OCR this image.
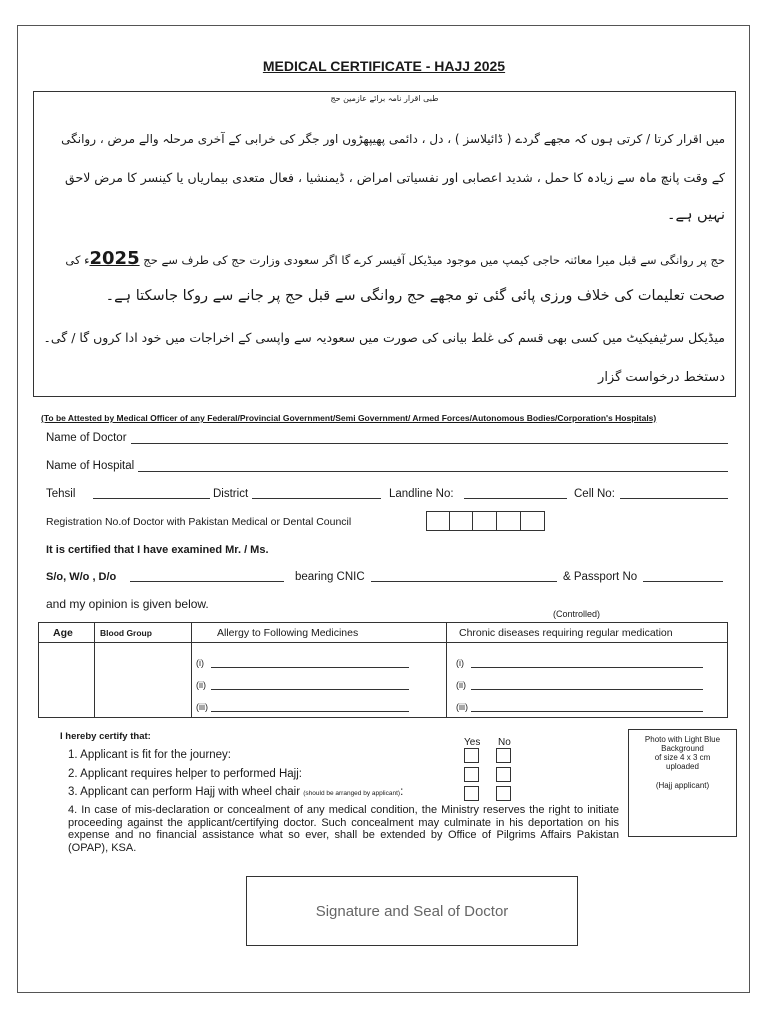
MEDICAL CERTIFICATE - HAJJ 2025
طبی اقرار نامہ برائے عازمین حج
میں اقرار کرتا / کرتی ہوں کہ مجھے گردے ( ڈائیلاسز ) ، دل ، دائمی پھیپھڑوں اور جگر کی خرابی کے آخری مرحلہ والے مرض ، روانگی
کے وقت پانچ ماہ سے زیادہ کا حمل ، شدید اعصابی اور نفسیاتی امراض ، ڈیمنشیا ، فعال متعدی بیماریاں یا کینسر کا مرض لاحق
نہیں ہے۔
حج پر روانگی سے قبل میرا معائنہ حاجی کیمپ میں موجود میڈیکل آفیسر کرے گا اگر سعودی وزارت حج کی طرف سے حج 2025ء کی
صحت تعلیمات کی خلاف ورزی پائی گئی تو مجھے حج روانگی سے قبل حج پر جانے سے روکا جاسکتا ہے۔
میڈیکل سرٹیفیکیٹ میں کسی بھی قسم کی غلط بیانی کی صورت میں سعودیہ سے واپسی کے اخراجات میں خود ادا کروں گا / گی۔
دستخط درخواست گزار
(To be Attested by Medical Officer of any Federal/Provincial Government/Semi Government/ Armed Forces/Autonomous Bodies/Corporation's Hospitals)
Name of Doctor
Name of Hospital
Tehsil	District	Landline No:	Cell No:
Registration No.of Doctor with Pakistan Medical or Dental Council
It is certified that I have examined Mr. / Ms.
S/o, W/o , D/o	bearing CNIC	& Passport No
and my opinion is given below.
(Controlled)
Age	Blood Group	Allergy to Following Medicines	Chronic diseases requiring regular medication
(i)
(ii)
(iii)
(i)
(ii)
(iii)
I hereby certify that:
Yes No
1. Applicant is fit for the journey:
2. Applicant requires helper to performed Hajj:
3. Applicant can perform Hajj with wheel chair (should be arranged by applicant):
4. In case of mis-declaration or concealment of any medical condition, the Ministry reserves the right to initiate proceeding against the applicant/certifying doctor. Such concealment may culminate in his deportation on his expense and no financial assistance what so ever, shall be extended by Office of Pilgrims Affairs Pakistan (OPAP), KSA.
Photo with Light Blue
Background
of size 4 x 3 cm
uploaded
(Hajj applicant)
Signature and Seal of Doctor
